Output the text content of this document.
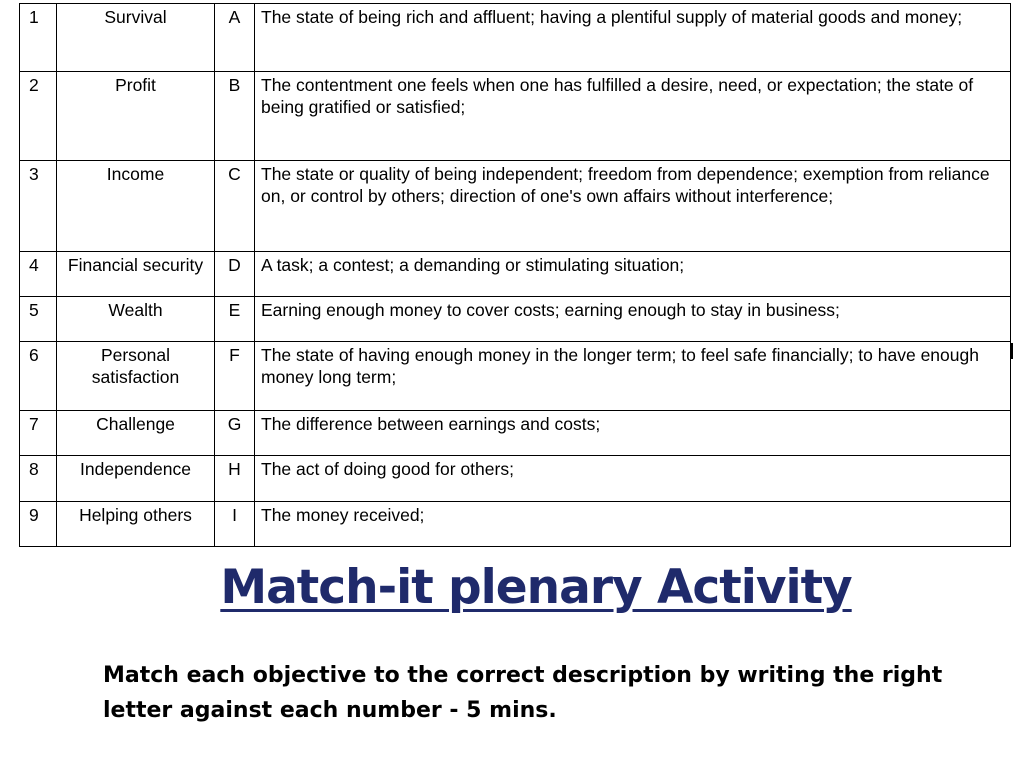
1	Survival	A	The state of being rich and affluent; having a plentiful supply of material goods and money;
2	Profit	B	The contentment one feels when one has fulfilled a desire, need, or expectation; the state of being gratified or satisfied;
3	Income	C	The state or quality of being independent; freedom from dependence; exemption from reliance on, or control by others; direction of one's own affairs without interference;
4	Financial security	D	A task; a contest; a demanding or stimulating situation;
5	Wealth	E	Earning enough money to cover costs; earning enough to stay in business;
6	Personal satisfaction	F	The state of having enough money in the longer term; to feel safe financially; to have enough money long term;
7	Challenge	G	The difference between earnings and costs;
8	Independence	H	The act of doing good for others;
9	Helping others	I	The money received;
Match-it plenary Activity
Match each objective to the correct description by writing the right letter against each number - 5 mins.
